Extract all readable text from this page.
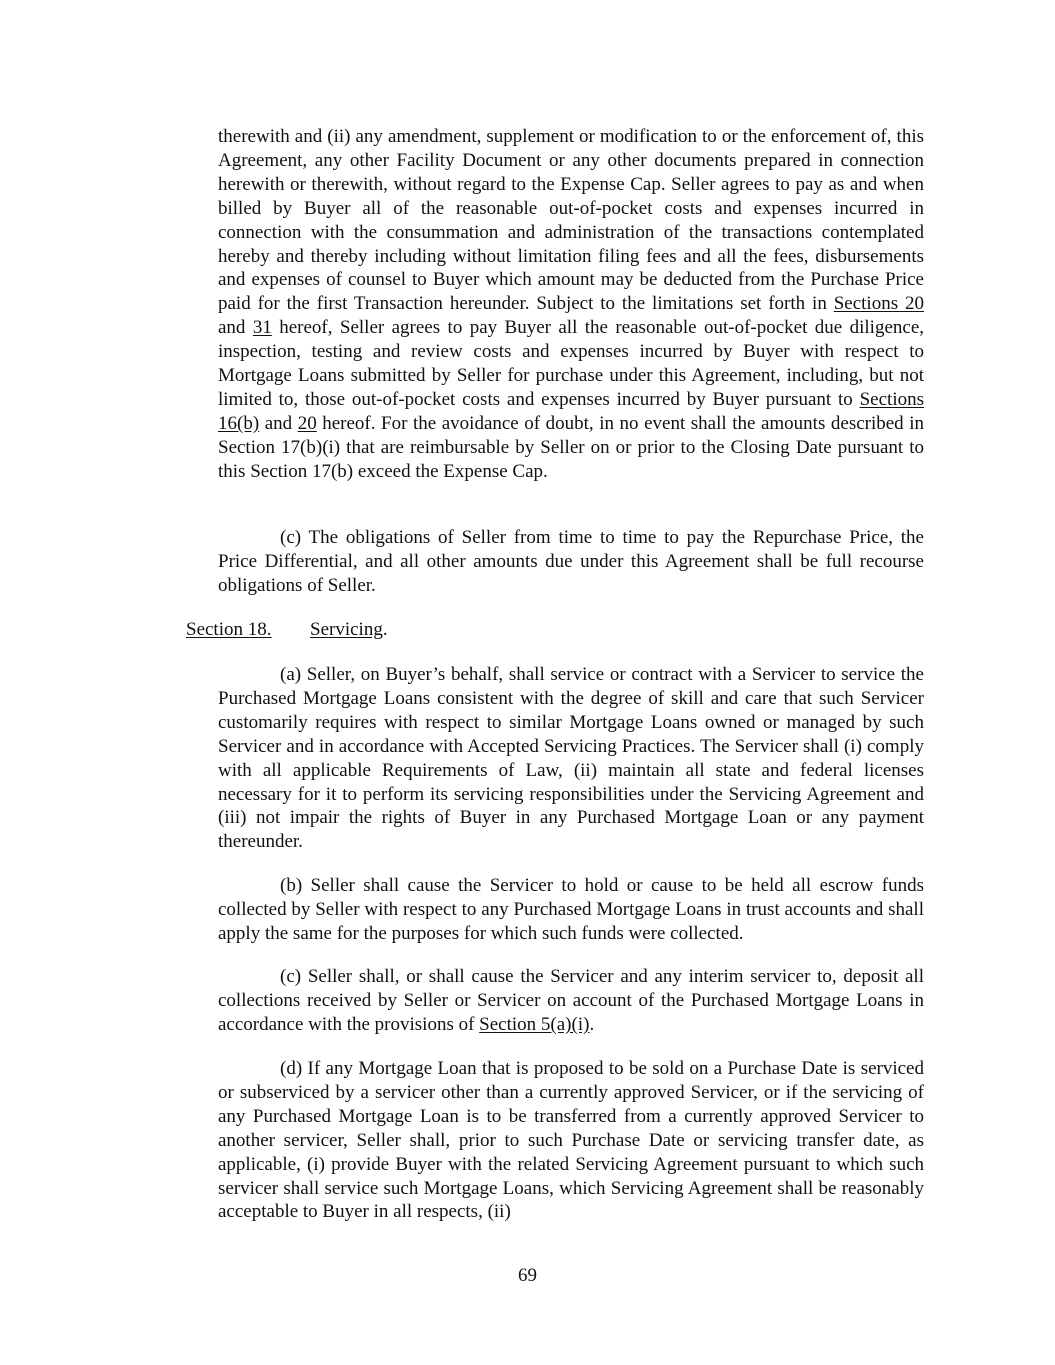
therewith and (ii) any amendment, supplement or modification to or the enforcement of, this Agreement, any other Facility Document or any other documents prepared in connection herewith or therewith, without regard to the Expense Cap. Seller agrees to pay as and when billed by Buyer all of the reasonable out-of-pocket costs and expenses incurred in connection with the consummation and administration of the transactions contemplated hereby and thereby including without limitation filing fees and all the fees, disbursements and expenses of counsel to Buyer which amount may be deducted from the Purchase Price paid for the first Transaction hereunder. Subject to the limitations set forth in Sections 20 and 31 hereof, Seller agrees to pay Buyer all the reasonable out-of-pocket due diligence, inspection, testing and review costs and expenses incurred by Buyer with respect to Mortgage Loans submitted by Seller for purchase under this Agreement, including, but not limited to, those out-of-pocket costs and expenses incurred by Buyer pursuant to Sections 16(b) and 20 hereof. For the avoidance of doubt, in no event shall the amounts described in Section 17(b)(i) that are reimbursable by Seller on or prior to the Closing Date pursuant to this Section 17(b) exceed the Expense Cap.

(c) The obligations of Seller from time to time to pay the Repurchase Price, the Price Differential, and all other amounts due under this Agreement shall be full recourse obligations of Seller.

Section 18. Servicing.

(a) Seller, on Buyer’s behalf, shall service or contract with a Servicer to service the Purchased Mortgage Loans consistent with the degree of skill and care that such Servicer customarily requires with respect to similar Mortgage Loans owned or managed by such Servicer and in accordance with Accepted Servicing Practices. The Servicer shall (i) comply with all applicable Requirements of Law, (ii) maintain all state and federal licenses necessary for it to perform its servicing responsibilities under the Servicing Agreement and (iii) not impair the rights of Buyer in any Purchased Mortgage Loan or any payment thereunder.

(b) Seller shall cause the Servicer to hold or cause to be held all escrow funds collected by Seller with respect to any Purchased Mortgage Loans in trust accounts and shall apply the same for the purposes for which such funds were collected.

(c) Seller shall, or shall cause the Servicer and any interim servicer to, deposit all collections received by Seller or Servicer on account of the Purchased Mortgage Loans in accordance with the provisions of Section 5(a)(i).

(d) If any Mortgage Loan that is proposed to be sold on a Purchase Date is serviced or subserviced by a servicer other than a currently approved Servicer, or if the servicing of any Purchased Mortgage Loan is to be transferred from a currently approved Servicer to another servicer, Seller shall, prior to such Purchase Date or servicing transfer date, as applicable, (i) provide Buyer with the related Servicing Agreement pursuant to which such servicer shall service such Mortgage Loans, which Servicing Agreement shall be reasonably acceptable to Buyer in all respects, (ii)

69
